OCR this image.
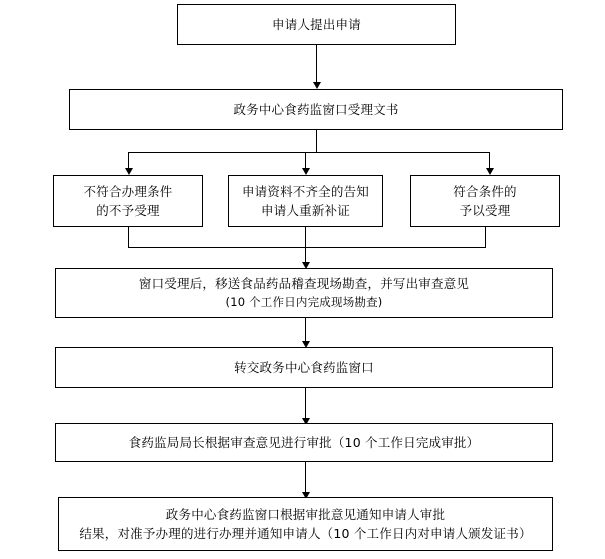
申请人提出申请
政务中心食药监窗口受理文书
不符合办理条件
的不予受理
申请资料不齐全的告知
申请人重新补证
符合条件的
予以受理
窗口受理后，移送食品药品稽查现场勘查，并写出审查意见
(10 个工作日内完成现场勘查)
转交政务中心食药监窗口
食药监局局长根据审查意见进行审批（10 个工作日完成审批）
政务中心食药监窗口根据审批意见通知申请人审批
结果，对准予办理的进行办理并通知申请人（10 个工作日内对申请人颁发证书）
